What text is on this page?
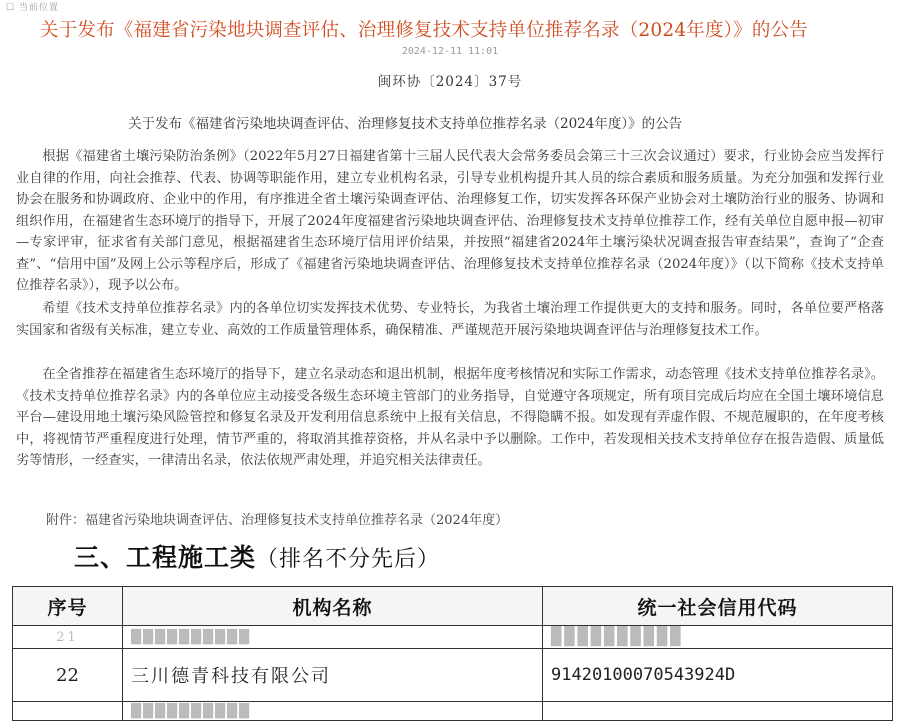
☐ 当前位置
关于发布《福建省污染地块调查评估、治理修复技术支持单位推荐名录（2024年度）》的公告
2024-12-11 11:01
闽环协〔2024〕37号
关于发布《福建省污染地块调查评估、治理修复技术支持单位推荐名录（2024年度）》的公告
根据《福建省土壤污染防治条例》（2022年5月27日福建省第十三届人民代表大会常务委员会第三十三次会议通过）要求，行业协会应当发挥行业自律的作用，向社会推荐、代表、协调等职能作用，建立专业机构名录，引导专业机构提升其人员的综合素质和服务质量。为充分加强和发挥行业协会在服务和协调政府、企业中的作用，有序推进全省土壤污染调查评估、治理修复工作，切实发挥各环保产业协会对土壤防治行业的服务、协调和组织作用，在福建省生态环境厅的指导下，开展了2024年度福建省污染地块调查评估、治理修复技术支持单位推荐工作，经有关单位自愿申报—初审—专家评审，征求省有关部门意见，根据福建省生态环境厅信用评价结果，并按照“福建省2024年土壤污染状况调查报告审查结果”，查询了“企查查”、“信用中国”及网上公示等程序后，形成了《福建省污染地块调查评估、治理修复技术支持单位推荐名录（2024年度）》（以下简称《技术支持单位推荐名录》），现予以公布。
希望《技术支持单位推荐名录》内的各单位切实发挥技术优势、专业特长，为我省土壤治理工作提供更大的支持和服务。同时，各单位要严格落实国家和省级有关标准，建立专业、高效的工作质量管理体系，确保精准、严谨规范开展污染地块调查评估与治理修复技术工作。
在全省推荐在福建省生态环境厅的指导下，建立名录动态和退出机制，根据年度考核情况和实际工作需求，动态管理《技术支持单位推荐名录》。《技术支持单位推荐名录》内的各单位应主动接受各级生态环境主管部门的业务指导，自觉遵守各项规定，所有项目完成后均应在全国土壤环境信息平台—建设用地土壤污染风险管控和修复名录及开发利用信息系统中上报有关信息，不得隐瞒不报。如发现有弄虚作假、不规范履职的，在年度考核中，将视情节严重程度进行处理，情节严重的，将取消其推荐资格，并从名录中予以删除。工作中，若发现相关技术支持单位存在报告造假、质量低劣等情形，一经查实，一律清出名录，依法依规严肃处理，并追究相关法律责任。
附件：福建省污染地块调查评估、治理修复技术支持单位推荐名录（2024年度）
三、工程施工类（排名不分先后）
序号	机构名称	统一社会信用代码
21	██████████	██████████
22	三川德青科技有限公司	91420100070543924D
	██████████	
